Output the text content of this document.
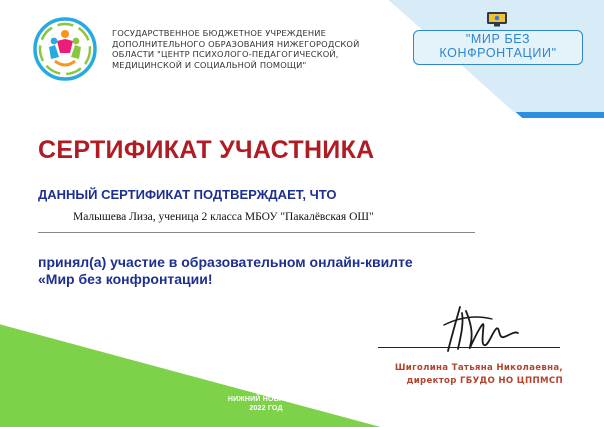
"МИР БЕЗ
КОНФРОНТАЦИИ"
ГОСУДАРСТВЕННОЕ БЮДЖЕТНОЕ УЧРЕЖДЕНИЕ
ДОПОЛНИТЕЛЬНОГО ОБРАЗОВАНИЯ НИЖЕГОРОДСКОЙ
ОБЛАСТИ "ЦЕНТР ПСИХОЛОГО-ПЕДАГОГИЧЕСКОЙ,
МЕДИЦИНСКОЙ И СОЦИАЛЬНОЙ ПОМОЩИ"
СЕРТИФИКАТ УЧАСТНИКА
ДАННЫЙ СЕРТИФИКАТ ПОДТВЕРЖДАЕТ, ЧТО
Малышева Лиза, ученица 2 класса МБОУ "Пакалёвская ОШ"
принял(а) участие в образовательном онлайн-квилте
«Мир без конфронтации!
НИЖНИЙ НОВГОРОД
2022 ГОД
Шиголина Татьяна Николаевна,
директор ГБУДО НО ЦППМСП
